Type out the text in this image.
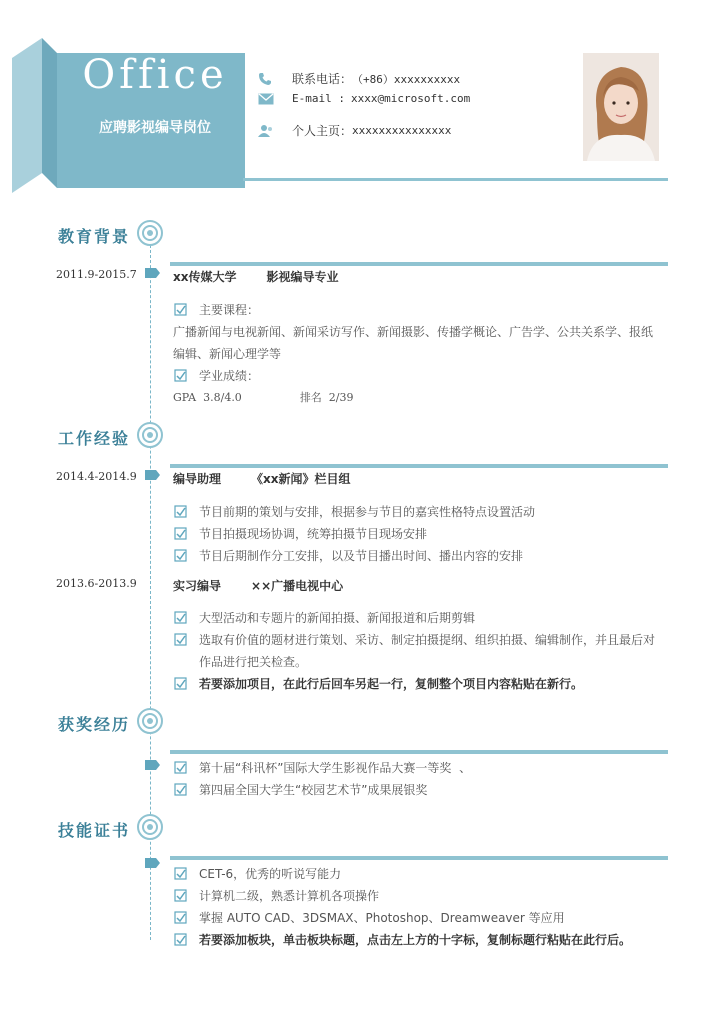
Office
应聘影视编导岗位
联系电话： （+86）xxxxxxxxxx
E-mail : xxxx@microsoft.com
个人主页： xxxxxxxxxxxxxxx
教育背景
2011.9-2015.7	xx传媒大学	影视编导专业
主要课程：
广播新闻与电视新闻、新闻采访写作、新闻摄影、传播学概论、广告学、公共关系学、报纸
编辑、新闻心理学等
学业成绩：
GPA  3.8/4.0	排名  2/39
工作经验
2014.4-2014.9	编导助理	《xx新闻》栏目组
节目前期的策划与安排，根据参与节目的嘉宾性格特点设置活动
节目拍摄现场协调，统筹拍摄节目现场安排
节目后期制作分工安排，以及节目播出时间、播出内容的安排
2013.6-2013.9	实习编导	××广播电视中心
大型活动和专题片的新闻拍摄、新闻报道和后期剪辑
选取有价值的题材进行策划、采访、制定拍摄提纲、组织拍摄、编辑制作，并且最后对
作品进行把关检查。
若要添加项目，在此行后回车另起一行，复制整个项目内容粘贴在新行。
获奖经历
第十届“科讯杯”国际大学生影视作品大赛一等奖  、
第四届全国大学生“校园艺术节”成果展银奖
技能证书
CET-6，优秀的听说写能力
计算机二级，熟悉计算机各项操作
掌握 AUTO CAD、3DSMAX、Photoshop、Dreamweaver 等应用
若要添加板块，单击板块标题，点击左上方的十字标，复制标题行粘贴在此行后。
